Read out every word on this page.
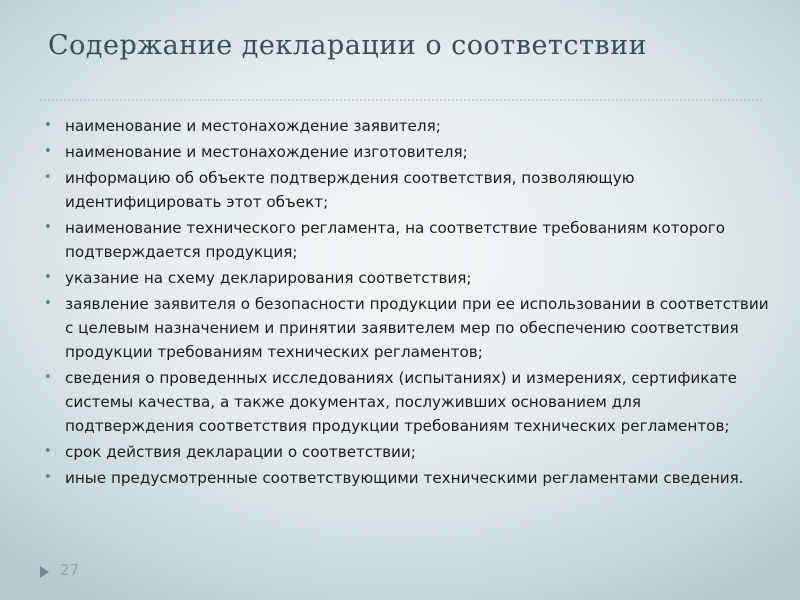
Содержание декларации о соответствии
• наименование и местонахождение заявителя;
• наименование и местонахождение изготовителя;
• информацию об объекте подтверждения соответствия, позволяющую идентифицировать этот объект;
• наименование технического регламента, на соответствие требованиям которого подтверждается продукция;
• указание на схему декларирования соответствия;
• заявление заявителя о безопасности продукции при ее использовании в соответствии с целевым назначением и принятии заявителем мер по обеспечению соответствия продукции требованиям технических регламентов;
• сведения о проведенных исследованиях (испытаниях) и измерениях, сертификате системы качества, а также документах, послуживших основанием для подтверждения соответствия продукции требованиям технических регламентов;
• срок действия декларации о соответствии;
• иные предусмотренные соответствующими техническими регламентами сведения.
27
